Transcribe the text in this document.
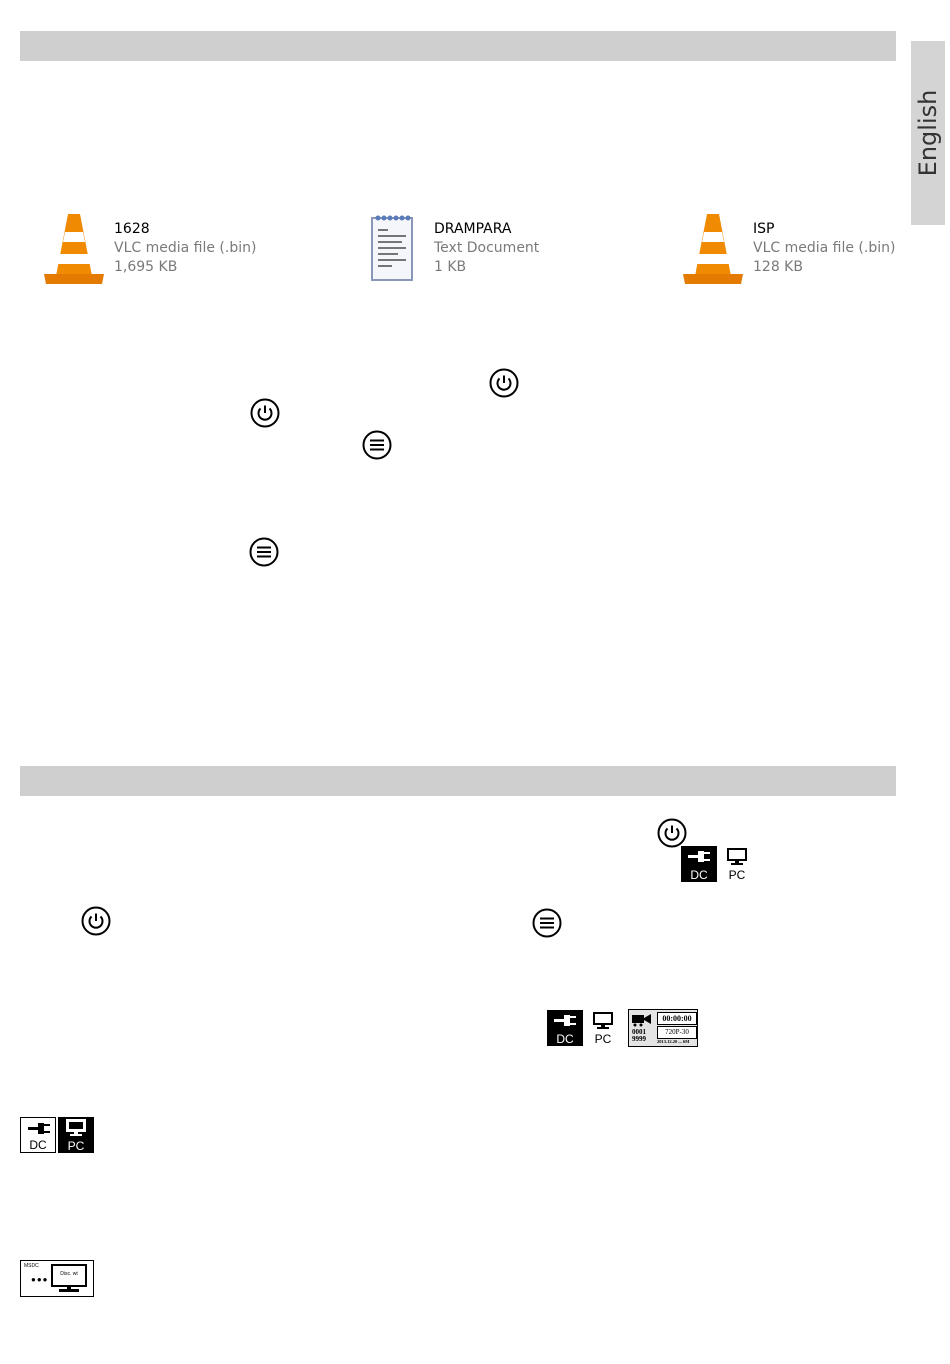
English
1628
VLC media file (.bin)
1,695 KB
DRAMPARA
Text Document
1 KB
ISP
VLC media file (.bin)
128 KB
DC	PC
DC	PC	0001
9999
00:00:00
720P-30
2013.12.20 ... 6M
DC	PC
MSDC
●●●
Disc. wt
